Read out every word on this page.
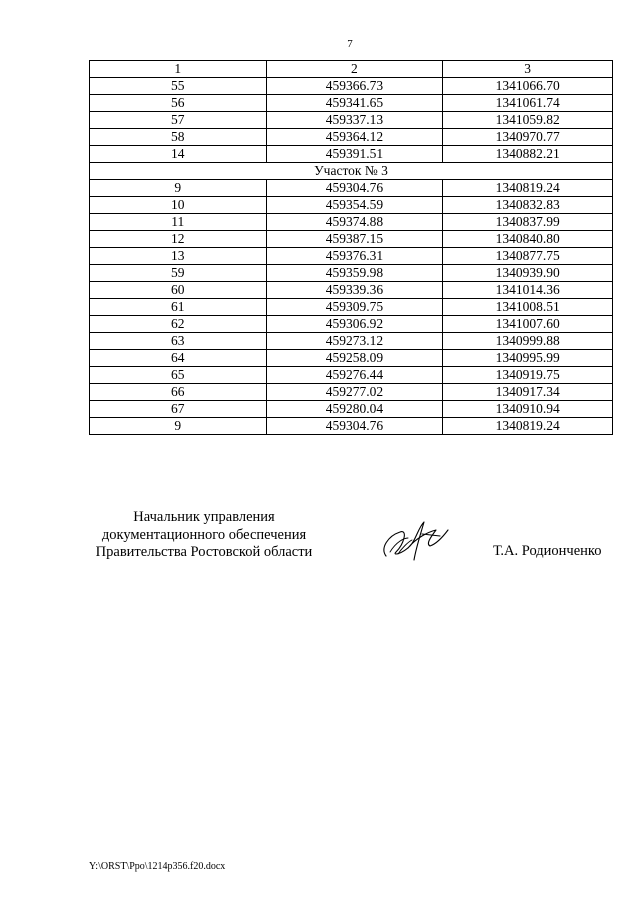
7
1	2	3
55	459366.73	1341066.70
56	459341.65	1341061.74
57	459337.13	1341059.82
58	459364.12	1340970.77
14	459391.51	1340882.21
Участок № 3		
9	459304.76	1340819.24
10	459354.59	1340832.83
11	459374.88	1340837.99
12	459387.15	1340840.80
13	459376.31	1340877.75
59	459359.98	1340939.90
60	459339.36	1341014.36
61	459309.75	1341008.51
62	459306.92	1341007.60
63	459273.12	1340999.88
64	459258.09	1340995.99
65	459276.44	1340919.75
66	459277.02	1340917.34
67	459280.04	1340910.94
9	459304.76	1340819.24
Начальник управления
документационного обеспечения
Правительства Ростовской области	Т.А. Родионченко
Y:\ORST\Ppo\1214p356.f20.docx
